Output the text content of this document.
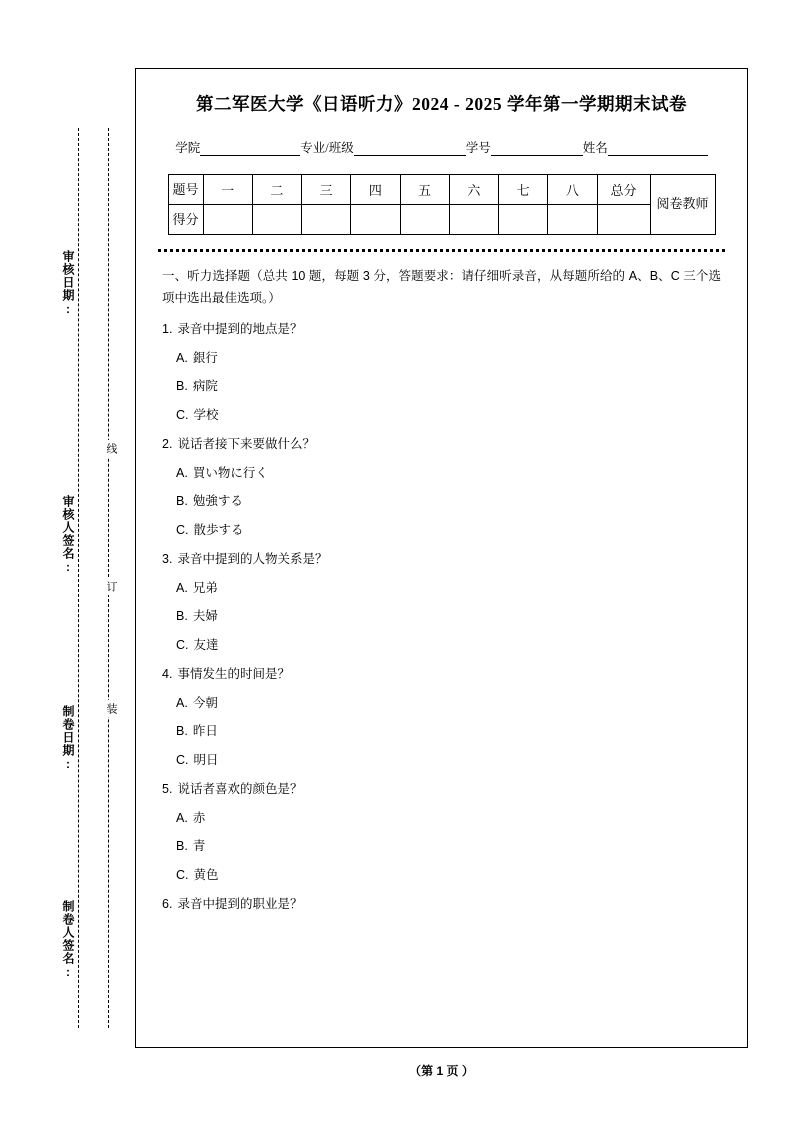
审核日期:
审核人签名:
制卷日期:
制卷人签名:
线
订
装
第二军医大学《日语听力》2024 - 2025 学年第一学期期末试卷
学院	专业/班级	学号	姓名
题号	一	二	三	四	五	六	七	八	总分	阅卷教师
得分										
一、听力选择题（总共 10 题，每题 3 分，答题要求：请仔细听录音，从每题所给的 A、B、C 三个选项中选出最佳选项。）
1. 录音中提到的地点是？
A. 銀行
B. 病院
C. 学校
2. 说话者接下来要做什么？
A. 買い物に行く
B. 勉強する
C. 散歩する
3. 录音中提到的人物关系是？
A. 兄弟
B. 夫婦
C. 友達
4. 事情发生的时间是？
A. 今朝
B. 昨日
C. 明日
5. 说话者喜欢的颜色是？
A. 赤
B. 青
C. 黄色
6. 录音中提到的职业是？
（第 1 页 ）
